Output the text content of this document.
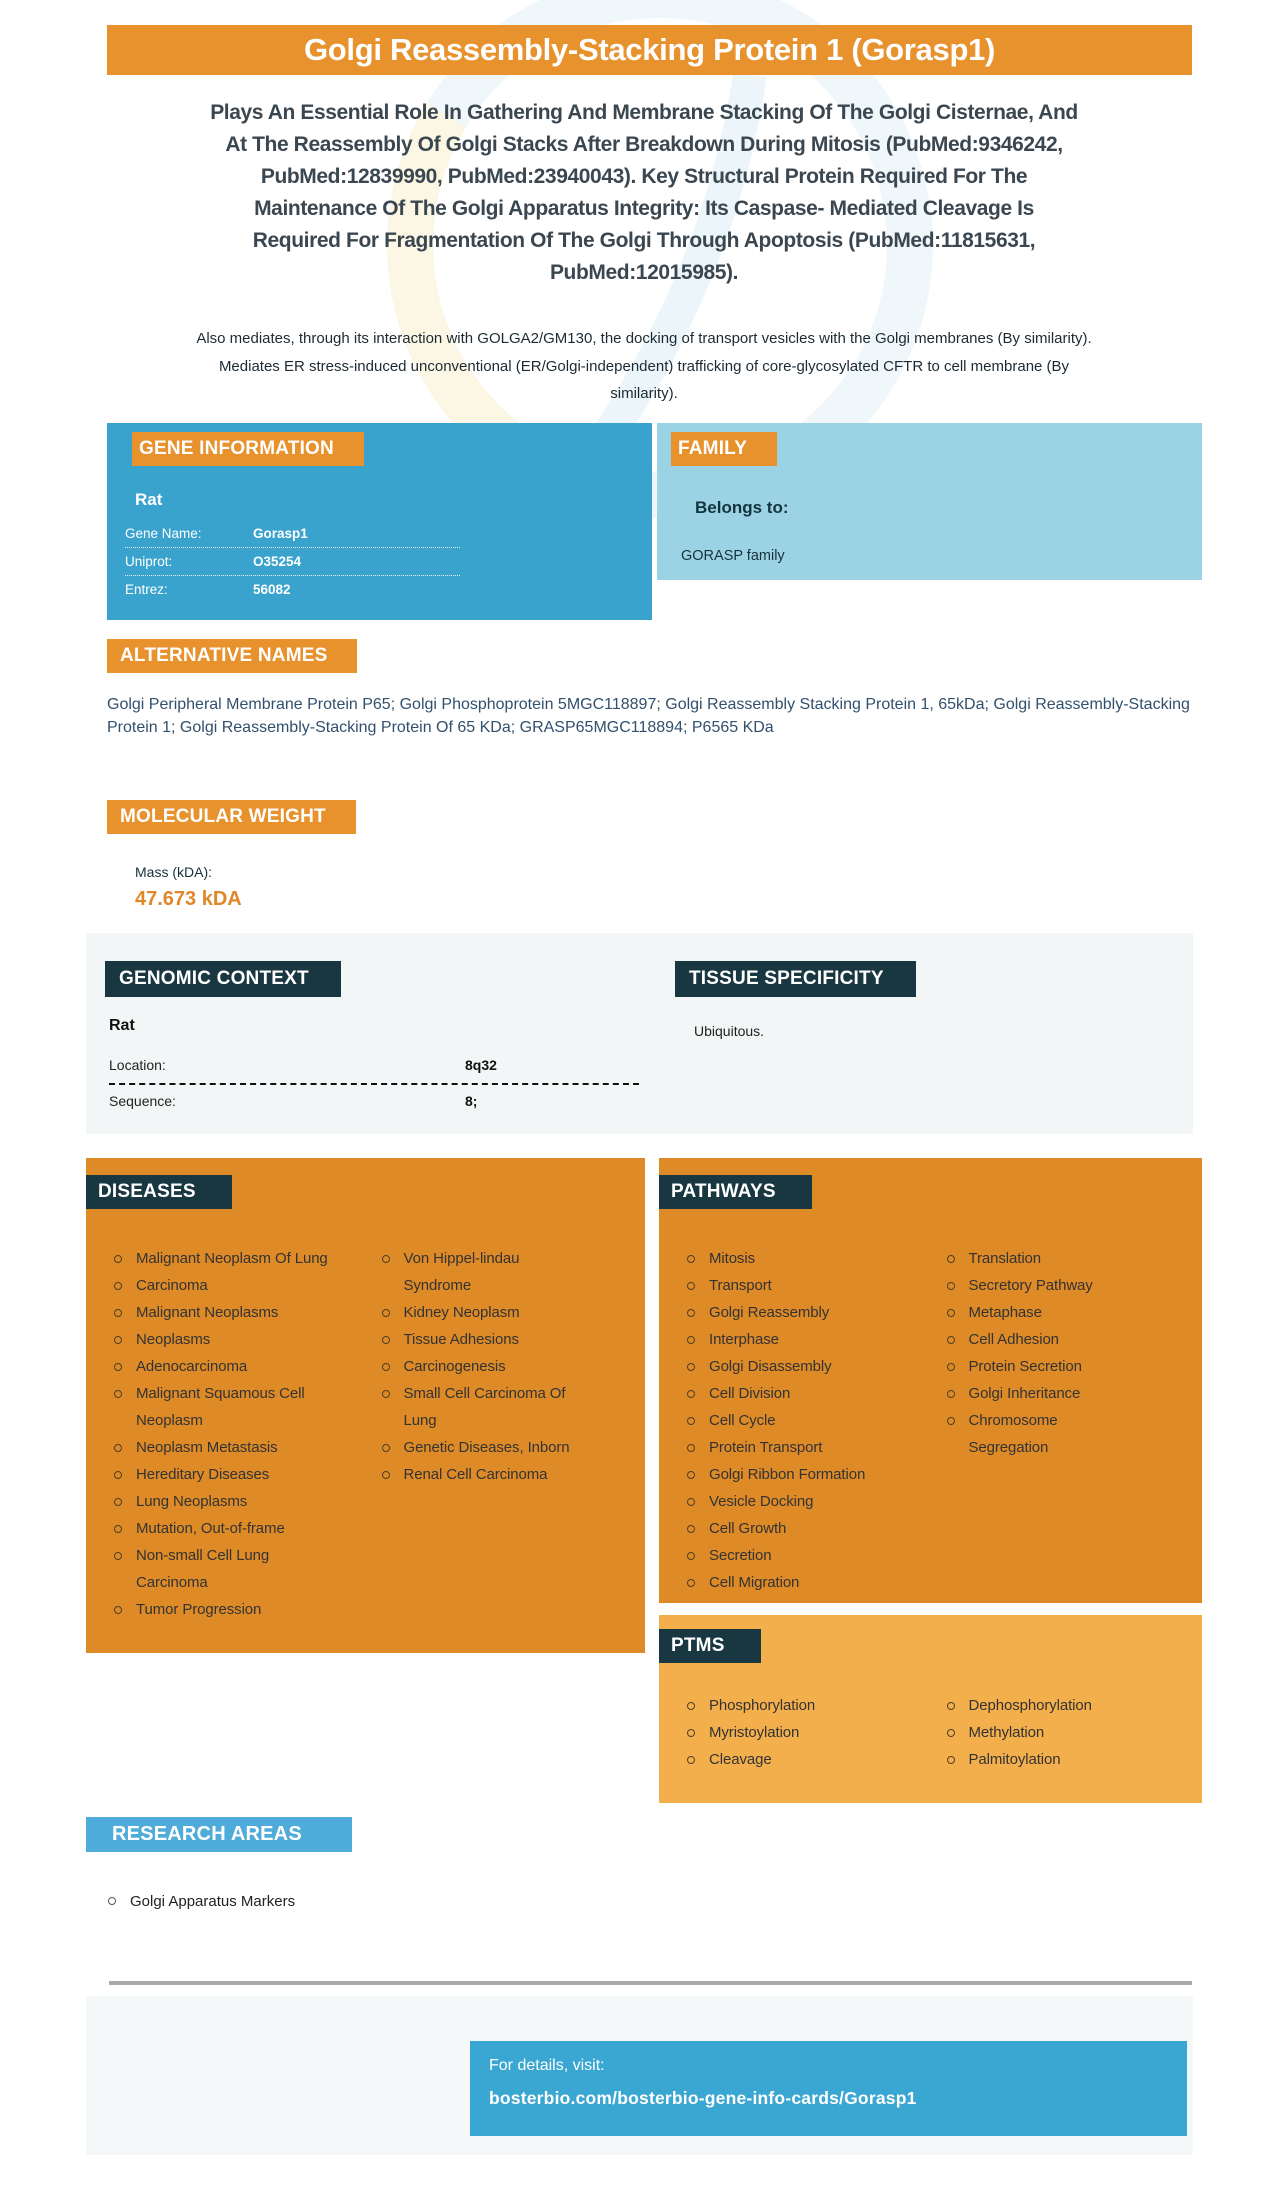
Golgi Reassembly-Stacking Protein 1 (Gorasp1)

Plays An Essential Role In Gathering And Membrane Stacking Of The Golgi Cisternae, And At The Reassembly Of Golgi Stacks After Breakdown During Mitosis (PubMed:9346242, PubMed:12839990, PubMed:23940043). Key Structural Protein Required For The Maintenance Of The Golgi Apparatus Integrity: Its Caspase- Mediated Cleavage Is Required For Fragmentation Of The Golgi Through Apoptosis (PubMed:11815631, PubMed:12015985).

Also mediates, through its interaction with GOLGA2/GM130, the docking of transport vesicles with the Golgi membranes (By similarity). Mediates ER stress-induced unconventional (ER/Golgi-independent) trafficking of core-glycosylated CFTR to cell membrane (By similarity).

GENE INFORMATION
Rat
Gene Name:	Gorasp1
Uniprot:	O35254
Entrez:	56082
FAMILY
Belongs to:
GORASP family
ALTERNATIVE NAMES

Golgi Peripheral Membrane Protein P65; Golgi Phosphoprotein 5MGC118897; Golgi Reassembly Stacking Protein 1, 65kDa; Golgi Reassembly-Stacking Protein 1; Golgi Reassembly-Stacking Protein Of 65 KDa; GRASP65MGC118894; P6565 KDa

MOLECULAR WEIGHT
Mass (kDA):
47.673 kDA
GENOMIC CONTEXT
Rat
Location:	8q32
Sequence:	8;
TISSUE SPECIFICITY
Ubiquitous.
DISEASES
Malignant Neoplasm Of Lung
Carcinoma
Malignant Neoplasms
Neoplasms
Adenocarcinoma
Malignant Squamous Cell Neoplasm
Neoplasm Metastasis
Hereditary Diseases
Lung Neoplasms
Mutation, Out-of-frame
Non-small Cell Lung Carcinoma
Tumor Progression
Von Hippel-lindau Syndrome
Kidney Neoplasm
Tissue Adhesions
Carcinogenesis
Small Cell Carcinoma Of Lung
Genetic Diseases, Inborn
Renal Cell Carcinoma
PATHWAYS
Mitosis
Transport
Golgi Reassembly
Interphase
Golgi Disassembly
Cell Division
Cell Cycle
Protein Transport
Golgi Ribbon Formation
Vesicle Docking
Cell Growth
Secretion
Cell Migration
Translation
Secretory Pathway
Metaphase
Cell Adhesion
Protein Secretion
Golgi Inheritance
Chromosome Segregation
PTMS
Phosphorylation
Myristoylation
Cleavage
Dephosphorylation
Methylation
Palmitoylation
RESEARCH AREAS
Golgi Apparatus Markers
For details, visit:
bosterbio.com/bosterbio-gene-info-cards/Gorasp1
